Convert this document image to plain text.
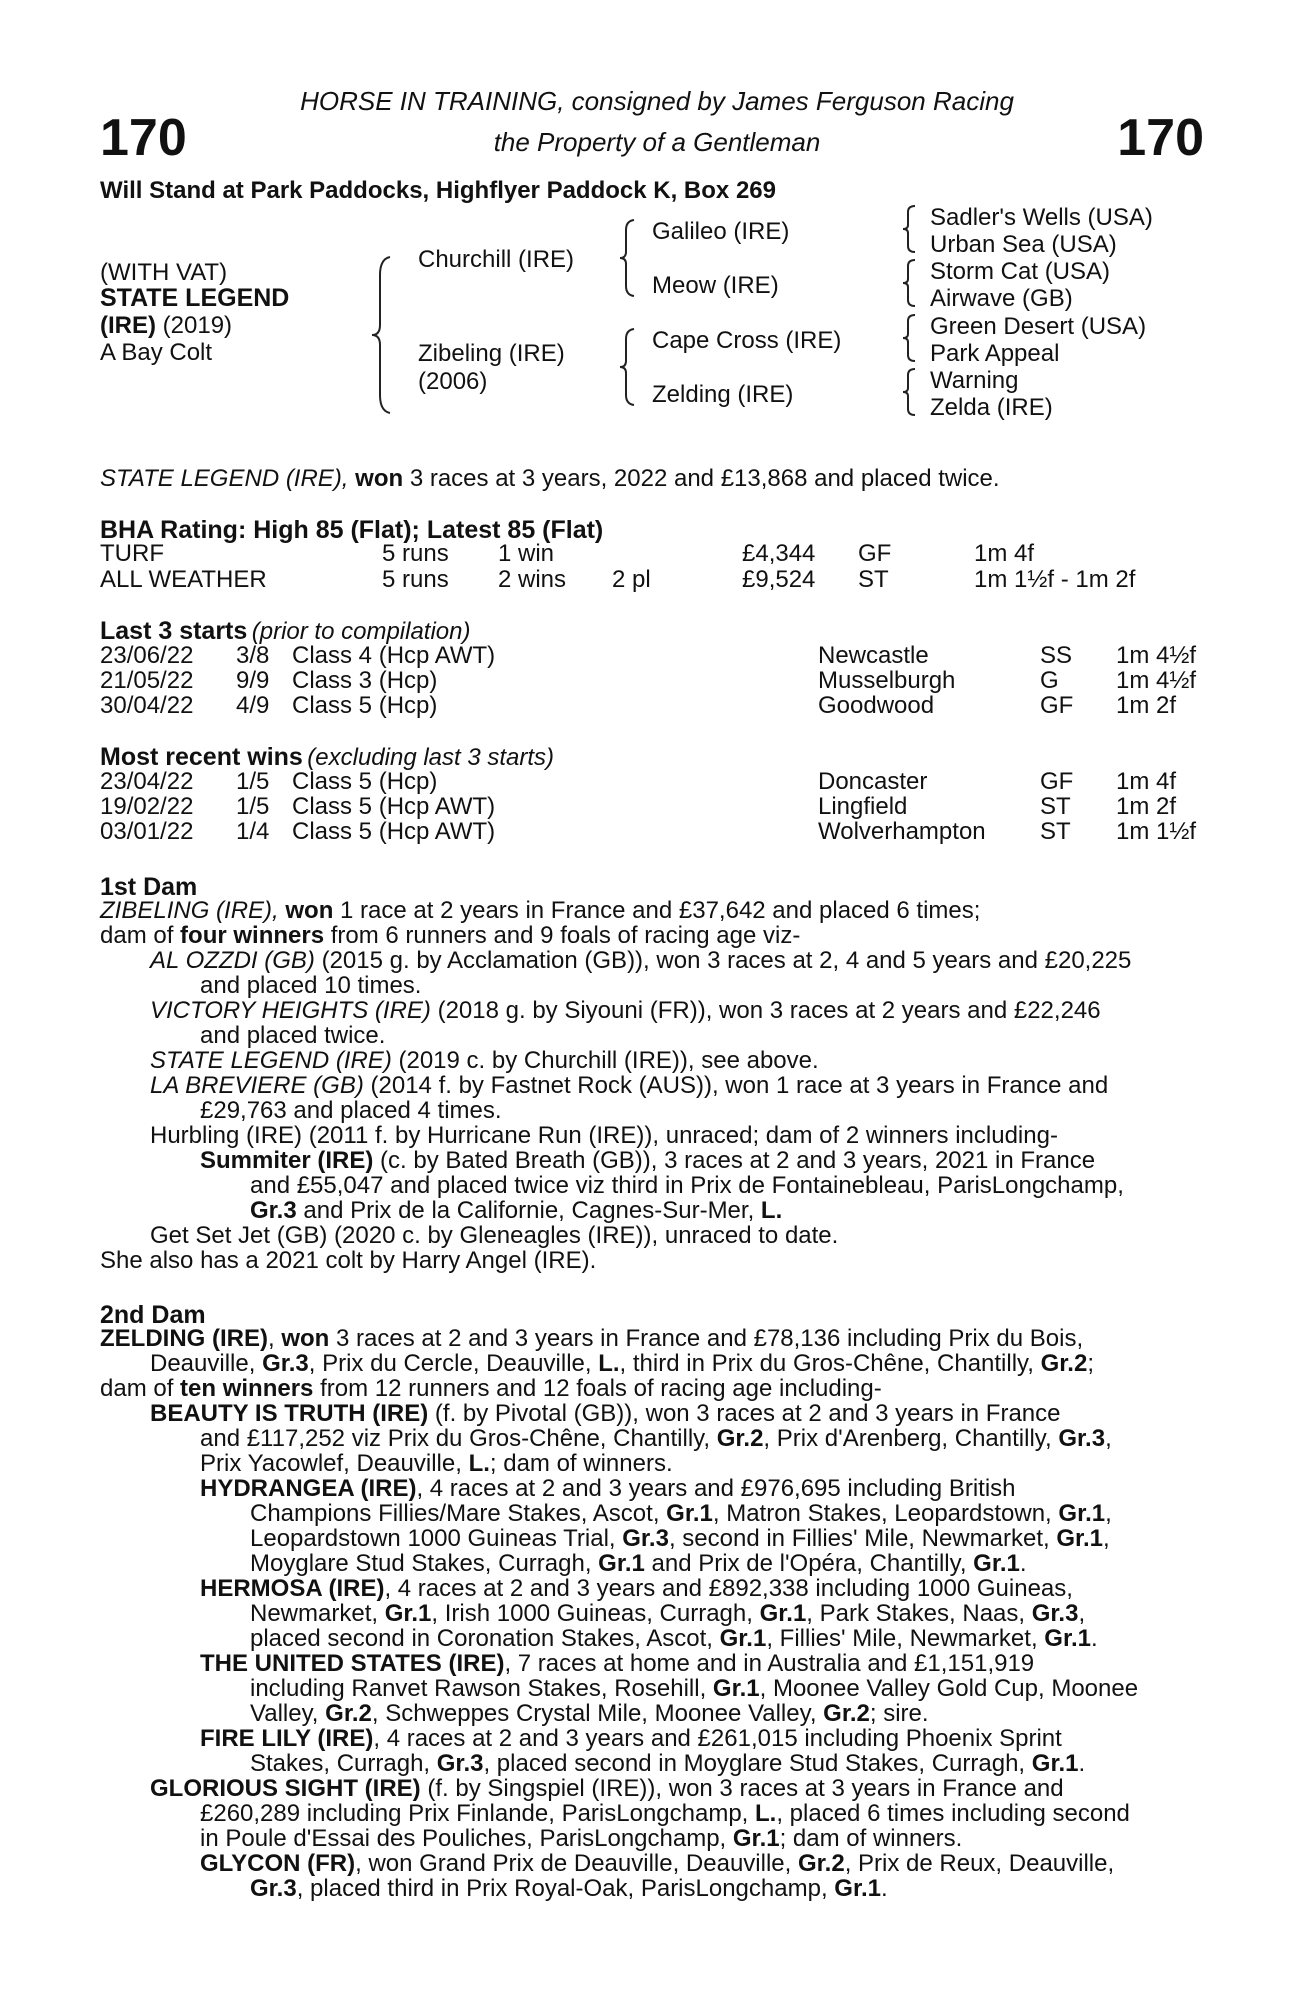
170	170
HORSE IN TRAINING, consigned by James Ferguson Racing
the Property of a Gentleman
Will Stand at Park Paddocks, Highflyer Paddock K, Box 269
(WITH VAT)
STATE LEGEND
(IRE) (2019)
A Bay Colt
Churchill (IRE)
Zibeling (IRE)
(2006)
Galileo (IRE)
Meow (IRE)
Cape Cross (IRE)
Zelding (IRE)
Sadler's Wells (USA)
Urban Sea (USA)
Storm Cat (USA)
Airwave (GB)
Green Desert (USA)
Park Appeal
Warning
Zelda (IRE)
STATE LEGEND (IRE), won 3 races at 3 years, 2022 and £13,868 and placed twice.
BHA Rating: High 85 (Flat); Latest 85 (Flat)
TURF	5 runs 1 win	£4,344 GF	1m 4f
ALL WEATHER	5 runs 2 wins 2 pl	£9,524 ST	1m 1½f - 1m 2f
Last 3 starts (prior to compilation)
23/06/22 3/8 Class 4 (Hcp AWT)	Newcastle	SS 1m 4½f
21/05/22 9/9 Class 3 (Hcp)	Musselburgh	G 1m 4½f
30/04/22 4/9 Class 5 (Hcp)	Goodwood	GF 1m 2f
Most recent wins (excluding last 3 starts)
23/04/22 1/5 Class 5 (Hcp)	Doncaster	GF 1m 4f
19/02/22 1/5 Class 5 (Hcp AWT)	Lingfield	ST 1m 2f
03/01/22 1/4 Class 5 (Hcp AWT)	Wolverhampton ST 1m 1½f
1st Dam
ZIBELING (IRE), won 1 race at 2 years in France and £37,642 and placed 6 times;
dam of four winners from 6 runners and 9 foals of racing age viz-
AL OZZDI (GB) (2015 g. by Acclamation (GB)), won 3 races at 2, 4 and 5 years and £20,225
and placed 10 times.
VICTORY HEIGHTS (IRE) (2018 g. by Siyouni (FR)), won 3 races at 2 years and £22,246
and placed twice.
STATE LEGEND (IRE) (2019 c. by Churchill (IRE)), see above.
LA BREVIERE (GB) (2014 f. by Fastnet Rock (AUS)), won 1 race at 3 years in France and
£29,763 and placed 4 times.
Hurbling (IRE) (2011 f. by Hurricane Run (IRE)), unraced; dam of 2 winners including-
Summiter (IRE) (c. by Bated Breath (GB)), 3 races at 2 and 3 years, 2021 in France
and £55,047 and placed twice viz third in Prix de Fontainebleau, ParisLongchamp,
Gr.3 and Prix de la Californie, Cagnes-Sur-Mer, L.
Get Set Jet (GB) (2020 c. by Gleneagles (IRE)), unraced to date.
She also has a 2021 colt by Harry Angel (IRE).
2nd Dam
ZELDING (IRE), won 3 races at 2 and 3 years in France and £78,136 including Prix du Bois,
Deauville, Gr.3, Prix du Cercle, Deauville, L., third in Prix du Gros-Chêne, Chantilly, Gr.2;
dam of ten winners from 12 runners and 12 foals of racing age including-
BEAUTY IS TRUTH (IRE) (f. by Pivotal (GB)), won 3 races at 2 and 3 years in France
and £117,252 viz Prix du Gros-Chêne, Chantilly, Gr.2, Prix d'Arenberg, Chantilly, Gr.3,
Prix Yacowlef, Deauville, L.; dam of winners.
HYDRANGEA (IRE), 4 races at 2 and 3 years and £976,695 including British
Champions Fillies/Mare Stakes, Ascot, Gr.1, Matron Stakes, Leopardstown, Gr.1,
Leopardstown 1000 Guineas Trial, Gr.3, second in Fillies' Mile, Newmarket, Gr.1,
Moyglare Stud Stakes, Curragh, Gr.1 and Prix de l'Opéra, Chantilly, Gr.1.
HERMOSA (IRE), 4 races at 2 and 3 years and £892,338 including 1000 Guineas,
Newmarket, Gr.1, Irish 1000 Guineas, Curragh, Gr.1, Park Stakes, Naas, Gr.3,
placed second in Coronation Stakes, Ascot, Gr.1, Fillies' Mile, Newmarket, Gr.1.
THE UNITED STATES (IRE), 7 races at home and in Australia and £1,151,919
including Ranvet Rawson Stakes, Rosehill, Gr.1, Moonee Valley Gold Cup, Moonee
Valley, Gr.2, Schweppes Crystal Mile, Moonee Valley, Gr.2; sire.
FIRE LILY (IRE), 4 races at 2 and 3 years and £261,015 including Phoenix Sprint
Stakes, Curragh, Gr.3, placed second in Moyglare Stud Stakes, Curragh, Gr.1.
GLORIOUS SIGHT (IRE) (f. by Singspiel (IRE)), won 3 races at 3 years in France and
£260,289 including Prix Finlande, ParisLongchamp, L., placed 6 times including second
in Poule d'Essai des Pouliches, ParisLongchamp, Gr.1; dam of winners.
GLYCON (FR), won Grand Prix de Deauville, Deauville, Gr.2, Prix de Reux, Deauville,
Gr.3, placed third in Prix Royal-Oak, ParisLongchamp, Gr.1.
